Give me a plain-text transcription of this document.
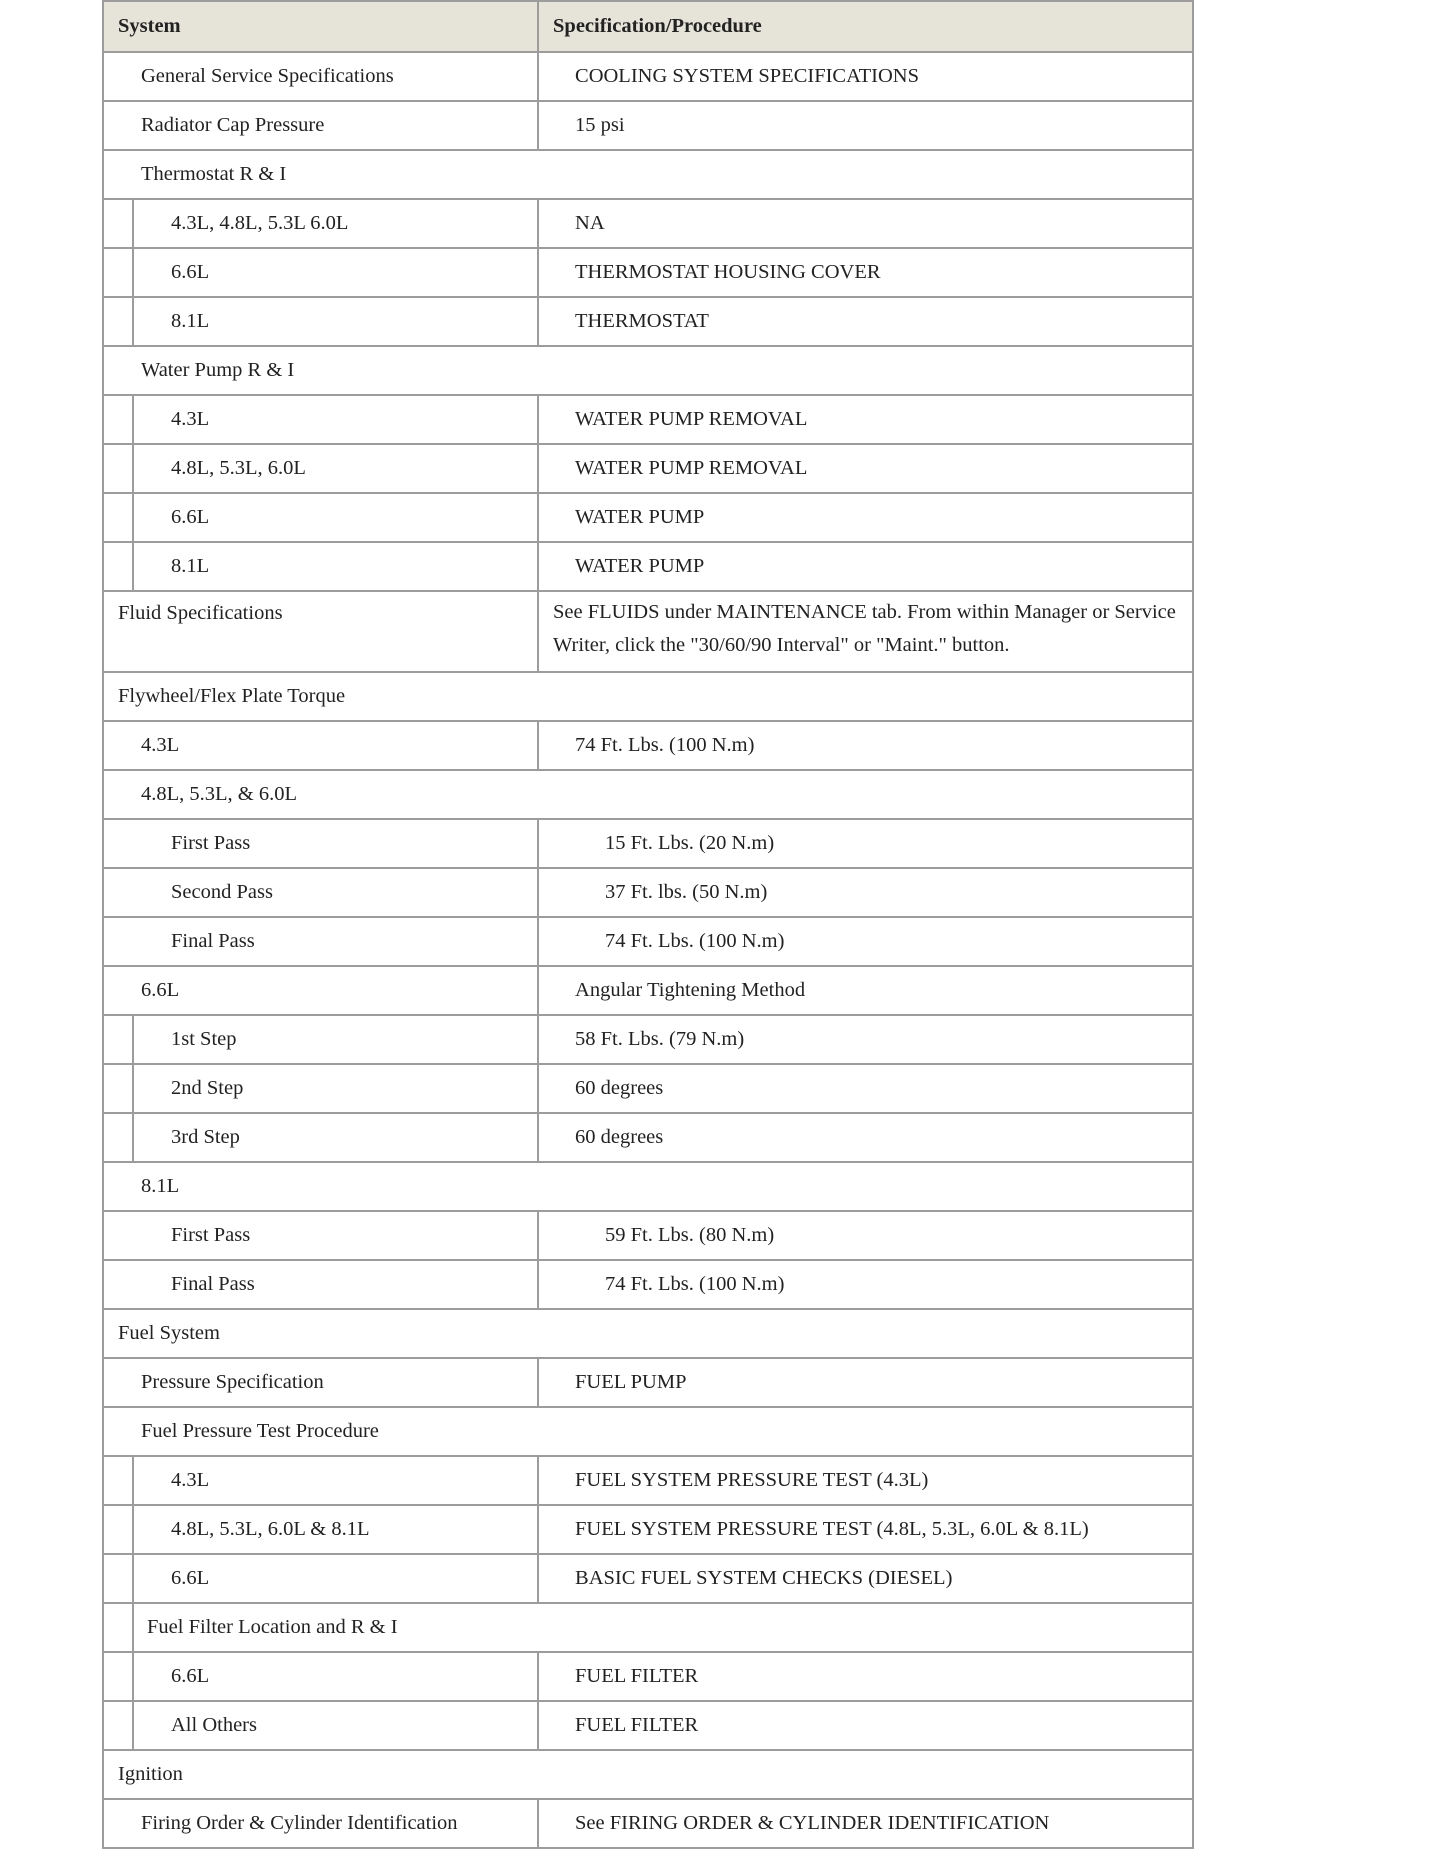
System		Specification/Procedure
General Service Specifications		COOLING SYSTEM SPECIFICATIONS
Radiator Cap Pressure		15 psi
Thermostat R & I		
	4.3L, 4.8L, 5.3L 6.0L	NA
	6.6L	THERMOSTAT HOUSING COVER
	8.1L	THERMOSTAT
Water Pump R & I		
	4.3L	WATER PUMP REMOVAL
	4.8L, 5.3L, 6.0L	WATER PUMP REMOVAL
	6.6L	WATER PUMP
	8.1L	WATER PUMP
Fluid Specifications		See FLUIDS under MAINTENANCE tab. From within Manager or Service Writer, click the "30/60/90 Interval" or "Maint." button.
Flywheel/Flex Plate Torque		
4.3L		74 Ft. Lbs. (100 N.m)
4.8L, 5.3L, & 6.0L		
First Pass		15 Ft. Lbs. (20 N.m)
Second Pass		37 Ft. lbs. (50 N.m)
Final Pass		74 Ft. Lbs. (100 N.m)
6.6L		Angular Tightening Method
	1st Step	58 Ft. Lbs. (79 N.m)
	2nd Step	60 degrees
	3rd Step	60 degrees
8.1L		
First Pass		59 Ft. Lbs. (80 N.m)
Final Pass		74 Ft. Lbs. (100 N.m)
Fuel System		
Pressure Specification		FUEL PUMP
Fuel Pressure Test Procedure		
	4.3L	FUEL SYSTEM PRESSURE TEST (4.3L)
	4.8L, 5.3L, 6.0L & 8.1L	FUEL SYSTEM PRESSURE TEST (4.8L, 5.3L, 6.0L & 8.1L)
	6.6L	BASIC FUEL SYSTEM CHECKS (DIESEL)
	Fuel Filter Location and R & I	
	6.6L	FUEL FILTER
	All Others	FUEL FILTER
Ignition		
Firing Order & Cylinder Identification		See FIRING ORDER & CYLINDER IDENTIFICATION
